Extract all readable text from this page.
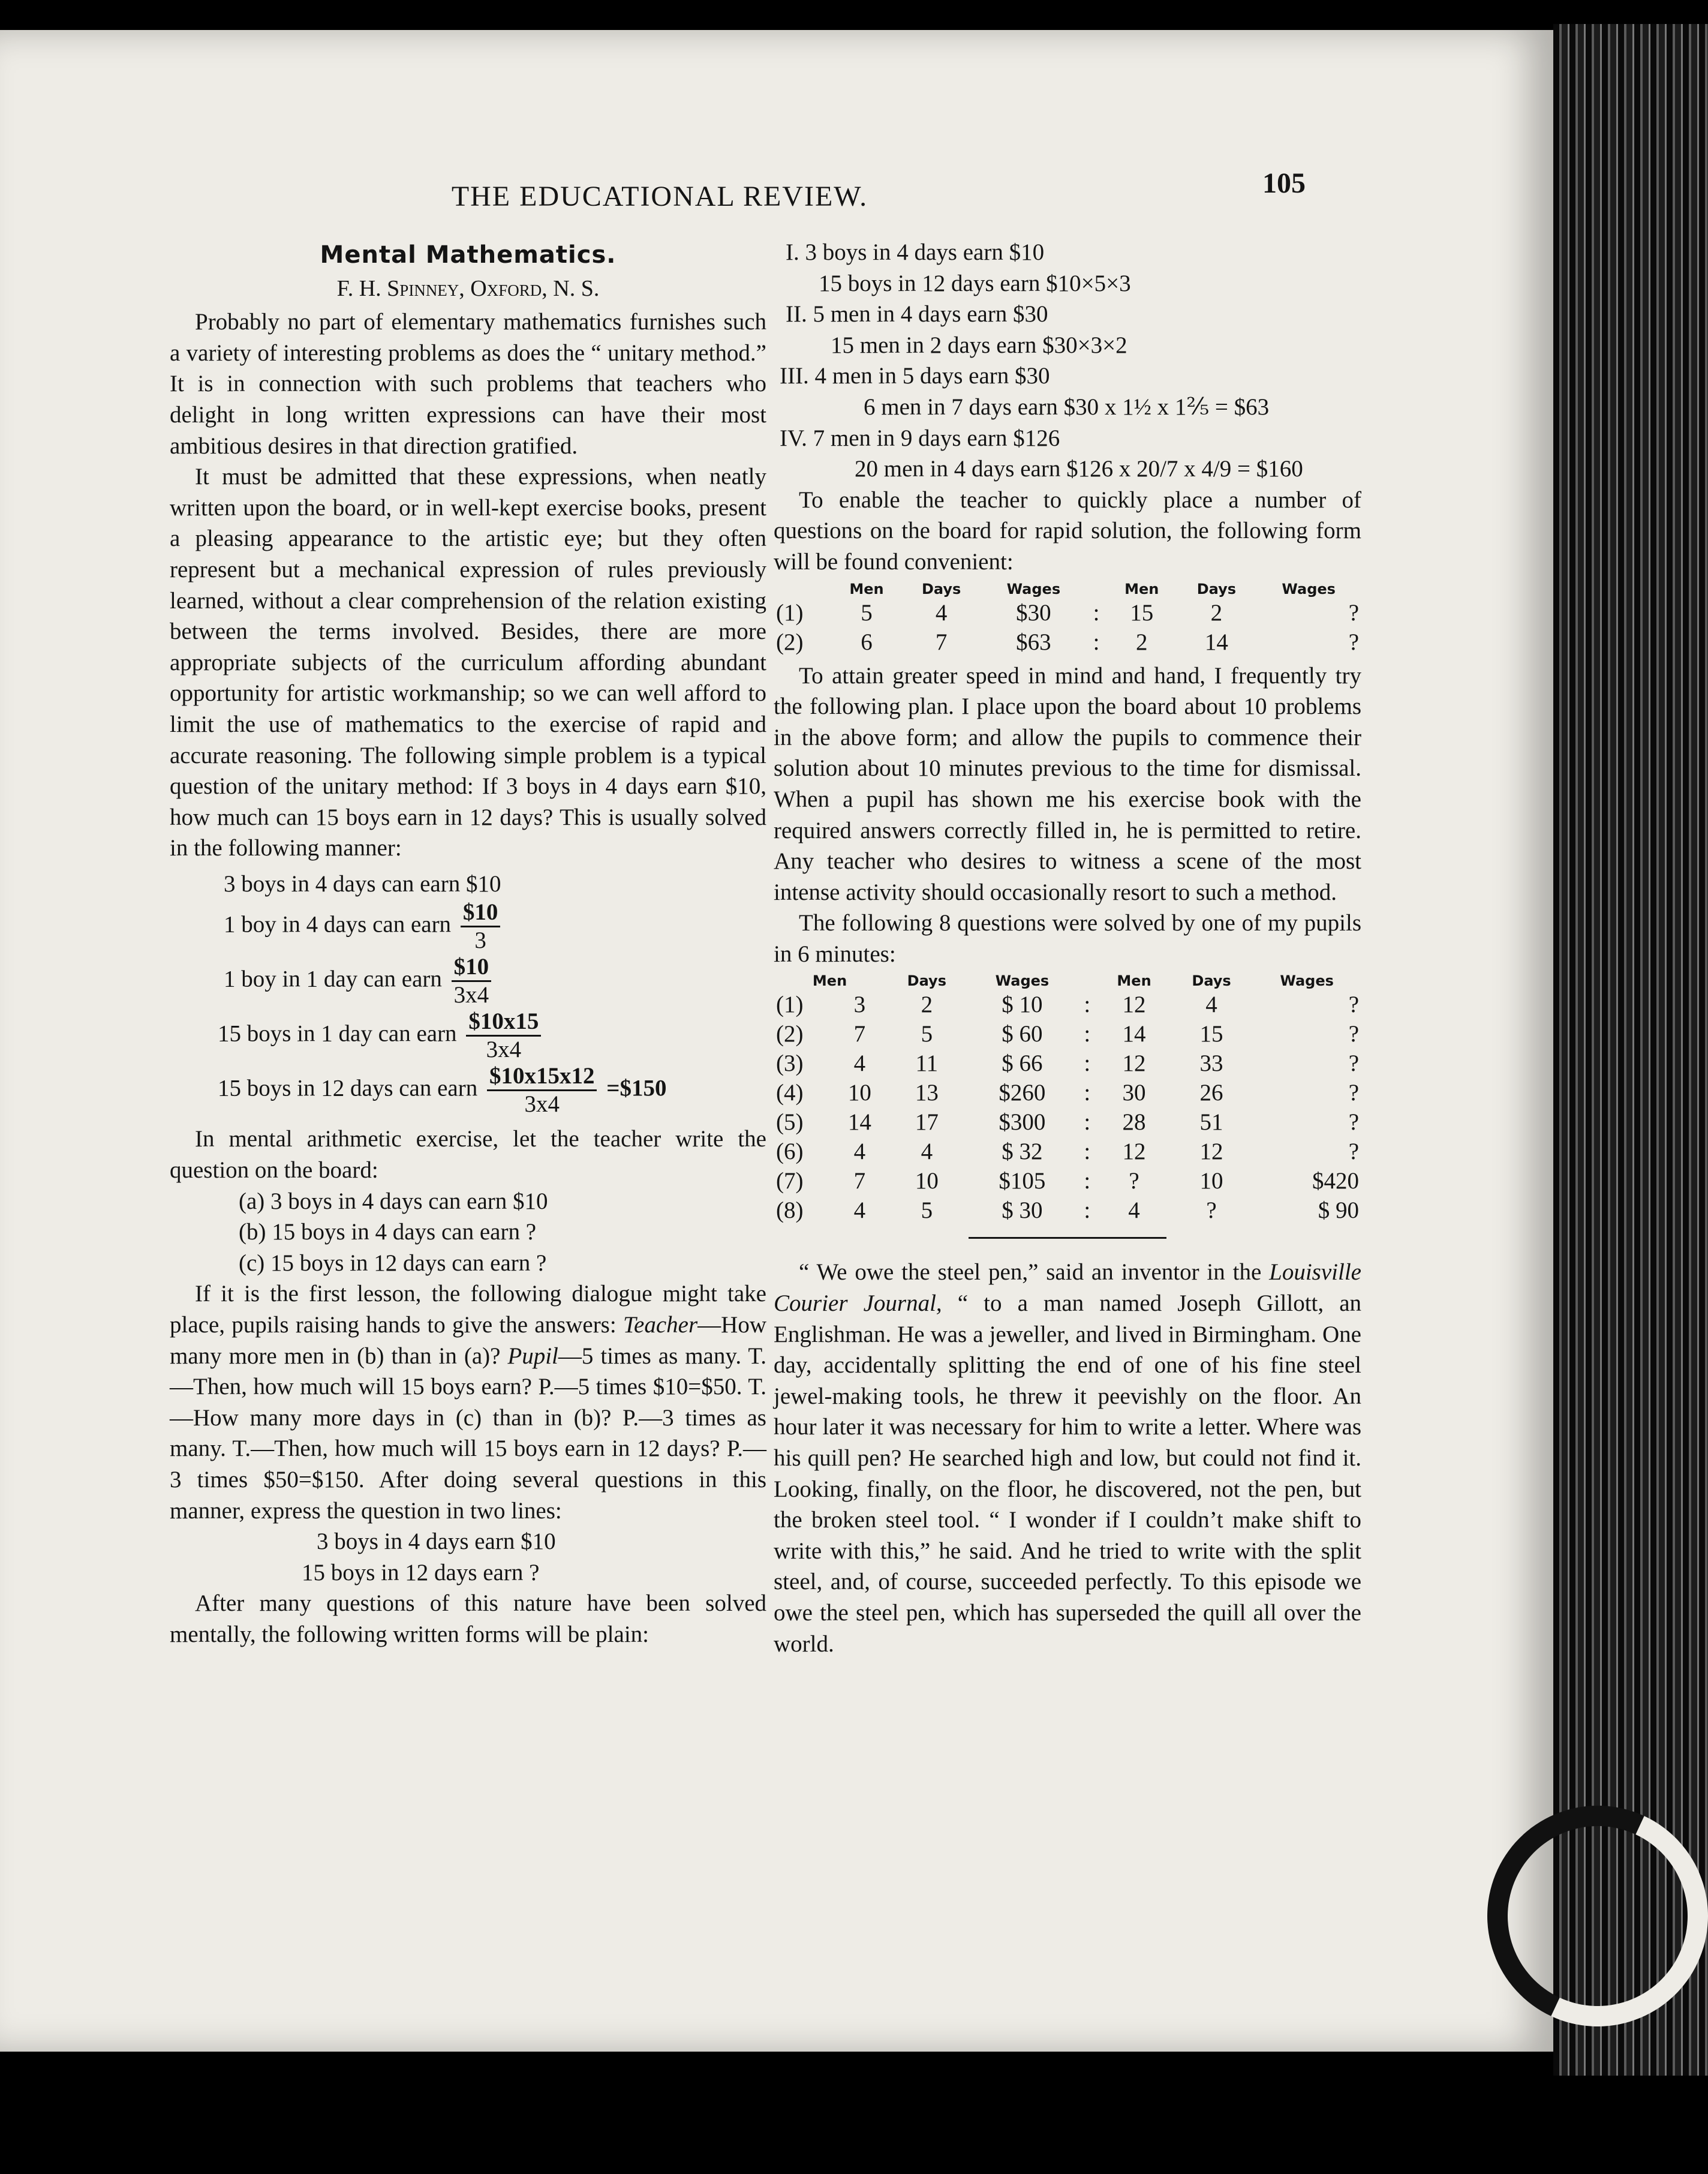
THE EDUCATIONAL REVIEW.	105
Mental Mathematics.
F. H. Spinney, Oxford, N. S.

Probably no part of elementary mathematics furnishes such a variety of interesting problems as does the “ unitary method.” It is in connection with such problems that teachers who delight in long written expressions can have their most ambitious desires in that direction gratified.

It must be admitted that these expressions, when neatly written upon the board, or in well-kept exercise books, present a pleasing appearance to the artistic eye; but they often represent but a mechanical expression of rules previously learned, without a clear comprehension of the relation existing between the terms involved. Besides, there are more appropriate subjects of the curriculum affording abundant opportunity for artistic workmanship; so we can well afford to limit the use of mathematics to the exercise of rapid and accurate reasoning. The following simple problem is a typical question of the unitary method: If 3 boys in 4 days earn $10, how much can 15 boys earn in 12 days? This is usually solved in the following manner:

3 boys in 4 days can earn $10
1 boy in 4 days can earn $\frac{\$10}{3}$
1 boy in 1 day can earn $\frac{\$10}{3x4}$
15 boys in 1 day can earn $\frac{\$10x15}{3x4}$
15 boys in 12 days can earn $\frac{\$10x15x12}{3x4}$ =$150

In mental arithmetic exercise, let the teacher write the question on the board:

(a) 3 boys in 4 days can earn $10
(b) 15 boys in 4 days can earn ?
(c) 15 boys in 12 days can earn ?

If it is the first lesson, the following dialogue might take place, pupils raising hands to give the answers: Teacher—How many more men in (b) than in (a)? Pupil—5 times as many. T.—Then, how much will 15 boys earn? P.—5 times $10=$50. T.—How many more days in (c) than in (b)? P.—3 times as many. T.—Then, how much will 15 boys earn in 12 days? P.—3 times $50=$150. After doing several questions in this manner, express the question in two lines:

3 boys in 4 days earn $10
15 boys in 12 days earn ?

After many questions of this nature have been solved mentally, the following written forms will be plain:

I. 3 boys in 4 days earn $10
15 boys in 12 days earn $10×5×3
II. 5 men in 4 days earn $30
15 men in 2 days earn $30×3×2
III. 4 men in 5 days earn $30
6 men in 7 days earn $30 x 1½ x 1⅖ = $63
IV. 7 men in 9 days earn $126
20 men in 4 days earn $126 x 20/7 x 4/9 = $160

To enable the teacher to quickly place a number of questions on the board for rapid solution, the following form will be found convenient:

	Men	Days	Wages		Men	Days	Wages
(1)	5	4	$30	:	15	2	?
(2)	6	7	$63	:	2	14	?

To attain greater speed in mind and hand, I frequently try the following plan. I place upon the board about 10 problems in the above form; and allow the pupils to commence their solution about 10 minutes previous to the time for dismissal. When a pupil has shown me his exercise book with the required answers correctly filled in, he is permitted to retire. Any teacher who desires to witness a scene of the most intense activity should occasionally resort to such a method.

The following 8 questions were solved by one of my pupils in 6 minutes:

Men		Days	Wages		Men	Days	Wages
(1)	3	2	$ 10	:	12	4	?
(2)	7	5	$ 60	:	14	15	?
(3)	4	11	$ 66	:	12	33	?
(4)	10	13	$260	:	30	26	?
(5)	14	17	$300	:	28	51	?
(6)	4	4	$ 32	:	12	12	?
(7)	7	10	$105	:	?	10	$420
(8)	4	5	$ 30	:	4	?	$ 90

“ We owe the steel pen,” said an inventor in the Louisville Courier Journal, “ to a man named Joseph Gillott, an Englishman. He was a jeweller, and lived in Birmingham. One day, accidentally splitting the end of one of his fine steel jewel-making tools, he threw it peevishly on the floor. An hour later it was necessary for him to write a letter. Where was his quill pen? He searched high and low, but could not find it. Looking, finally, on the floor, he discovered, not the pen, but the broken steel tool. “ I wonder if I couldn’t make shift to write with this,” he said. And he tried to write with the split steel, and, of course, succeeded perfectly. To this episode we owe the steel pen, which has superseded the quill all over the world.
